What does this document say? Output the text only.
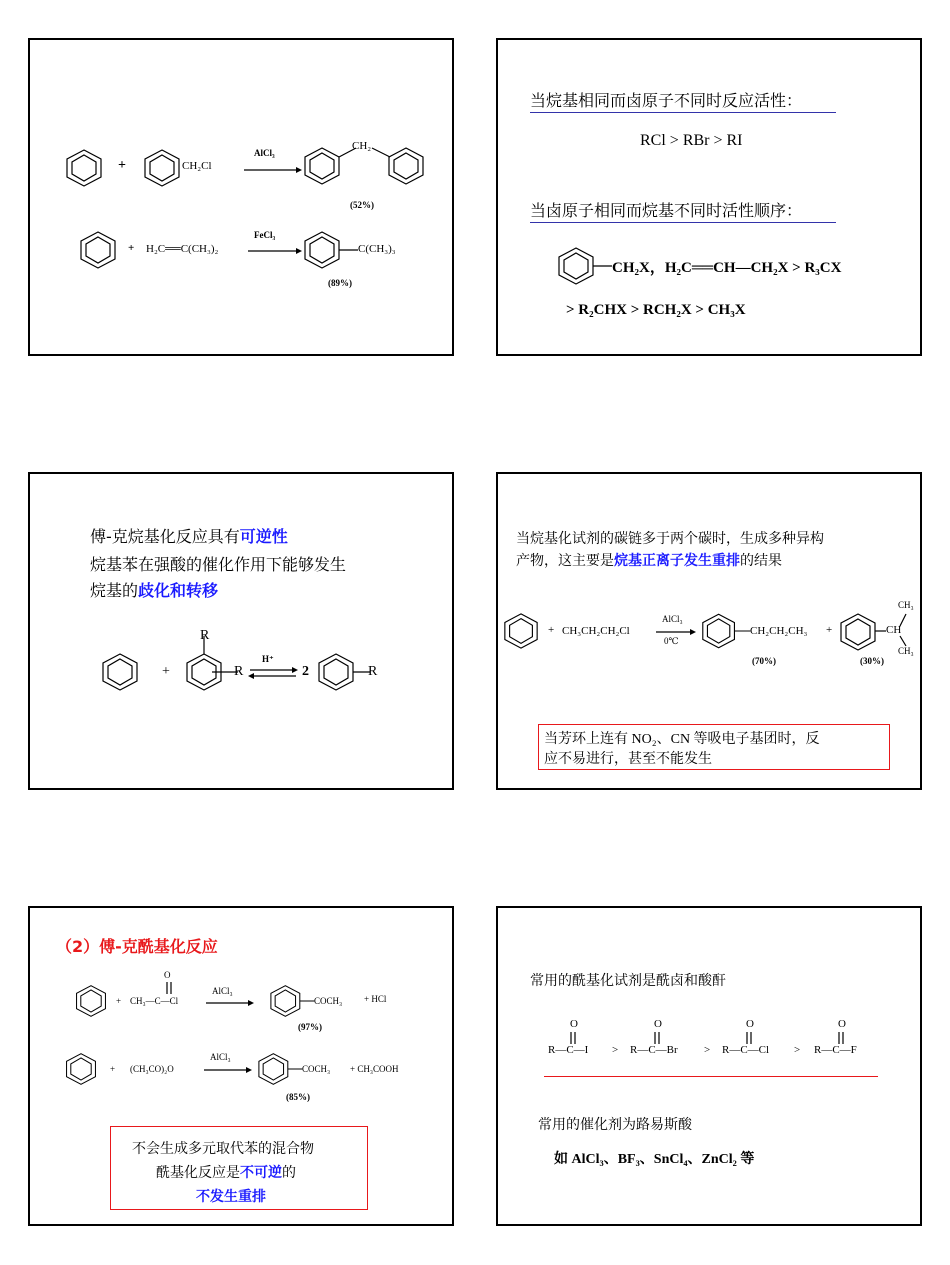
+	CH₂Cl
AlCl₃
CH₂
(52%)
+ H₂C══C(CH₃)₂
FeCl₃
C(CH₃)₃
(89%)
当烷基相同而卤原子不同时反应活性：
RCl > RBr > RI
当卤原子相同而烷基不同时活性顺序：
CH₂X，H₂C══CH—CH₂X > R₃CX
> R₂CHX > RCH₂X > CH₃X
傅-克烷基化反应具有可逆性
烷基苯在强酸的催化作用下能够发生
烷基的歧化和转移
+
R
R
H⁺
⇌ 2	R
当烷基化试剂的碳链多于两个碳时，生成多种异构
产物，这主要是烷基正离子发生重排的结果
+ CH₃CH₂CH₂Cl
AlCl₃
0℃
CH₂CH₂CH₃ +
CH₃
CH
CH₃
(70%)	(30%)
当芳环上连有 NO₂、CN 等吸电子基团时，反
应不易进行，甚至不能发生
（2）傅-克酰基化反应
+
O
CH₃—C—Cl
AlCl₃
COCH₃ + HCl
(97%)
+ (CH₃CO)₂O
AlCl₃
COCH₃ + CH₃COOH
(85%)
不会生成多元取代苯的混合物
酰基化反应是不可逆的
不发生重排
常用的酰基化试剂是酰卤和酸酐
O	O	O	O
R—C—I > R—C—Br > R—C—Cl > R—C—F
常用的催化剂为路易斯酸
如 AlCl₃、BF₃、SnCl₄、ZnCl₂ 等
